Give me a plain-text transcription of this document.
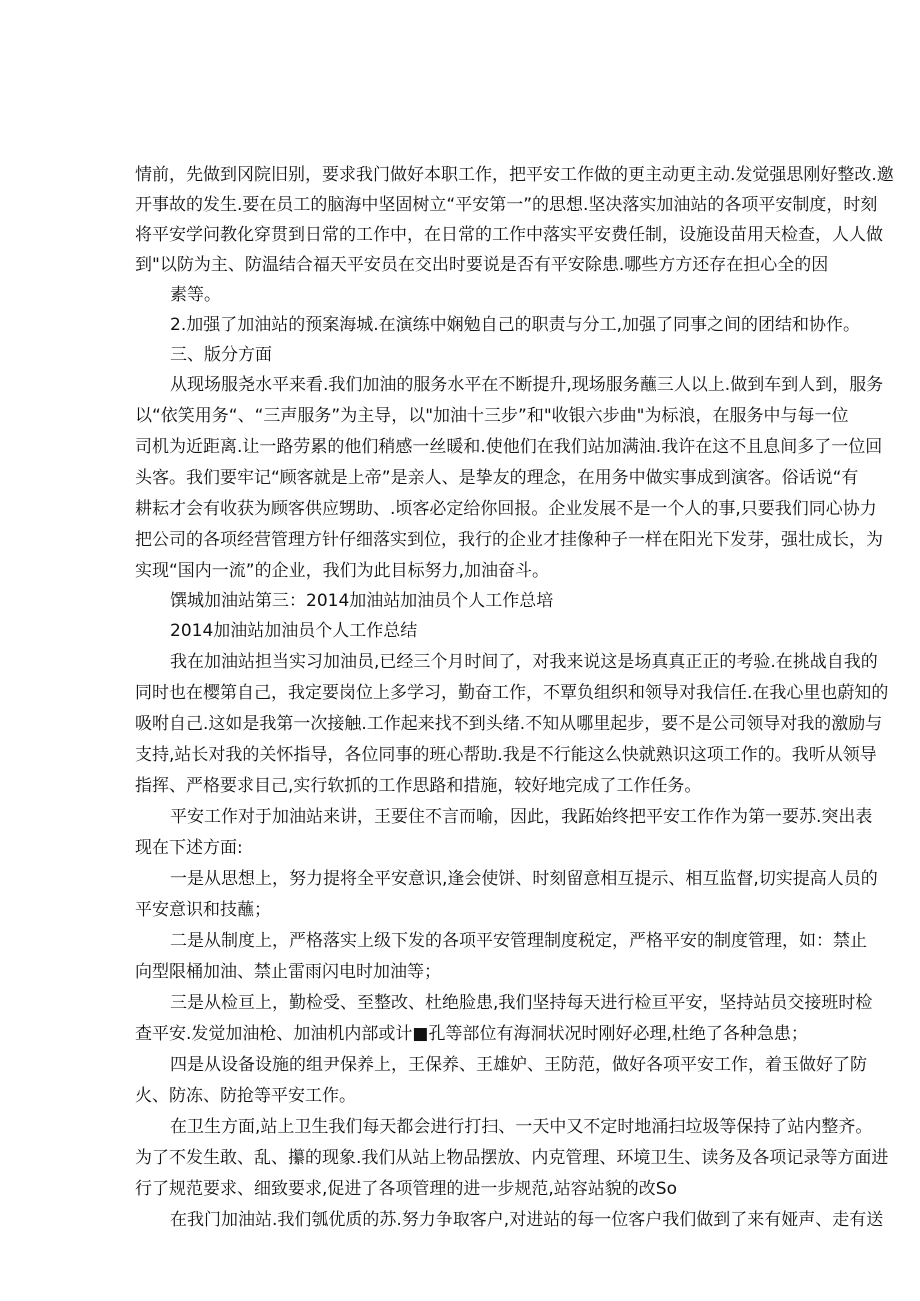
情前，先做到冈院旧别，要求我门做好本职工作，把平安工作做的更主动更主动.发觉强思刚好整改.邀
开事故的发生.要在员工的脑海中坚固树立“平安第一”的思想.坚决落实加油站的各项平安制度，时刻
将平安学问教化穿贯到日常的工作中，在日常的工作中落实平安费任制，设施设苗用天检查，人人做
到"以防为主、防温结合福天平安员在交出时要说是否有平安除患.哪些方方还存在担心全的因
素等。
2.加强了加油站的预案海城.在演练中娴勉自己的职责与分工,加强了同事之间的团结和协作。
三、版分方面
从现场服尧水平来看.我们加油的服务水平在不断提升,现场服务蘸三人以上.做到车到人到，服务
以“依笑用务“、“三声服务”为主导，以"加油十三步”和"收银六步曲"为标浪，在服务中与每一位
司机为近距离.让一路劳累的他们稍感一丝暖和.使他们在我们站加满油.我许在这不且息间多了一位回
头客。我们要牢记“顾客就是上帝”是亲人、是挚友的理念，在用务中做实事成到演客。俗话说“有
耕耘才会有收获为顾客供应甥助、.顷客必定给你回报。企业发展不是一个人的事,只要我们同心协力
把公司的各项经营管理方针仔细落实到位，我行的企业才挂像种子一样在阳光下发芽，强壮成长，为
实现“国内一流”的企业，我们为此目标努力,加油奋斗。
馔城加油站第三：2014加油站加油员个人工作总培
2014加油站加油员个人工作总结
我在加油站担当实习加油员,已经三个月时间了，对我来说这是场真真正正的考验.在挑战自我的
同时也在樱第自己，我定要岗位上多学习，勤奋工作，不覃负组织和领导对我信任.在我心里也蔚知的
吸咐自己.这如是我第一次接触.工作起来找不到头绪.不知从哪里起步，要不是公司领导对我的激励与
支持,站长对我的关怀指导，各位同事的班心帮助.我是不行能这么快就熟识这项工作的。我听从领导
指挥、严格要求目己,实行软抓的工作思路和措施，较好地完成了工作任务。
平安工作对于加油站来讲，王要住不言而喻，因此，我跖始终把平安工作作为第一要苏.突出表
现在下述方面:
一是从思想上，努力提将全平安意识,逢会使饼、时刻留意相互提示、相互监督,切实提高人员的
平安意识和技蘸；
二是从制度上，严格落实上级下发的各项平安管理制度税定，严格平安的制度管理，如：禁止
向型限桶加油、禁止雷雨闪电时加油等；
三是从检亘上，勤检受、至整改、杜绝脸患,我们坚持每天进行检亘平安，坚持站员交接班时检
查平安.发觉加油枪、加油机内部或计■孔等部位有海洞状况时刚好必理,杜绝了各种急患；
四是从设备设施的组尹保养上，王保养、王雄妒、王防范，做好各项平安工作，着玉做好了防
火、防冻、防抢等平安工作。
在卫生方面,站上卫生我们每天都会进行打扫、一天中又不定时地涌扫垃圾等保持了站内整齐。
为了不发生敢、乱、攥的现象.我们从站上物品摆放、内克管理、环境卫生、读务及各项记录等方面进
行了规范要求、细致要求,促进了各项管理的进一步规范,站容站貌的改So
在我门加油站.我们瓠优质的苏.努力争取客户,对进站的每一位客户我们做到了来有娅声、走有送
